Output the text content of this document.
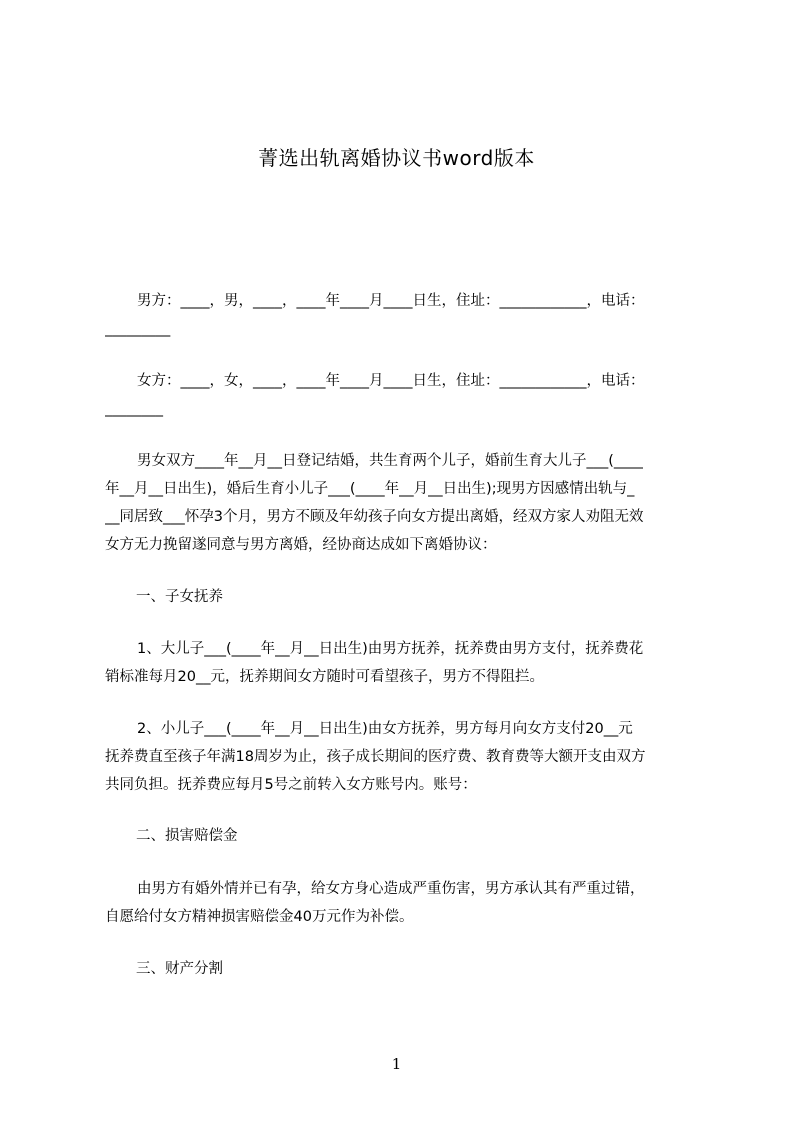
菁选出轨离婚协议书word版本
男方：____，男，____，____年____月____日生，住址：____________，电话：
_________
女方：____，女，____，____年____月____日生，住址：____________，电话：
________
男女双方____年__月__日登记结婚，共生育两个儿子，婚前生育大儿子___(____
年__月__日出生)，婚后生育小儿子___(____年__月__日出生);现男方因感情出轨与_
__同居致___怀孕3个月，男方不顾及年幼孩子向女方提出离婚，经双方家人劝阻无效
女方无力挽留遂同意与男方离婚，经协商达成如下离婚协议：
一、子女抚养
1、大儿子___(____年__月__日出生)由男方抚养，抚养费由男方支付，抚养费花
销标准每月20__元，抚养期间女方随时可看望孩子，男方不得阻拦。
2、小儿子___(____年__月__日出生)由女方抚养，男方每月向女方支付20__元
抚养费直至孩子年满18周岁为止，孩子成长期间的医疗费、教育费等大额开支由双方
共同负担。抚养费应每月5号之前转入女方账号内。账号：
二、损害赔偿金
由男方有婚外情并已有孕，给女方身心造成严重伤害，男方承认其有严重过错，
自愿给付女方精神损害赔偿金40万元作为补偿。
三、财产分割
1
